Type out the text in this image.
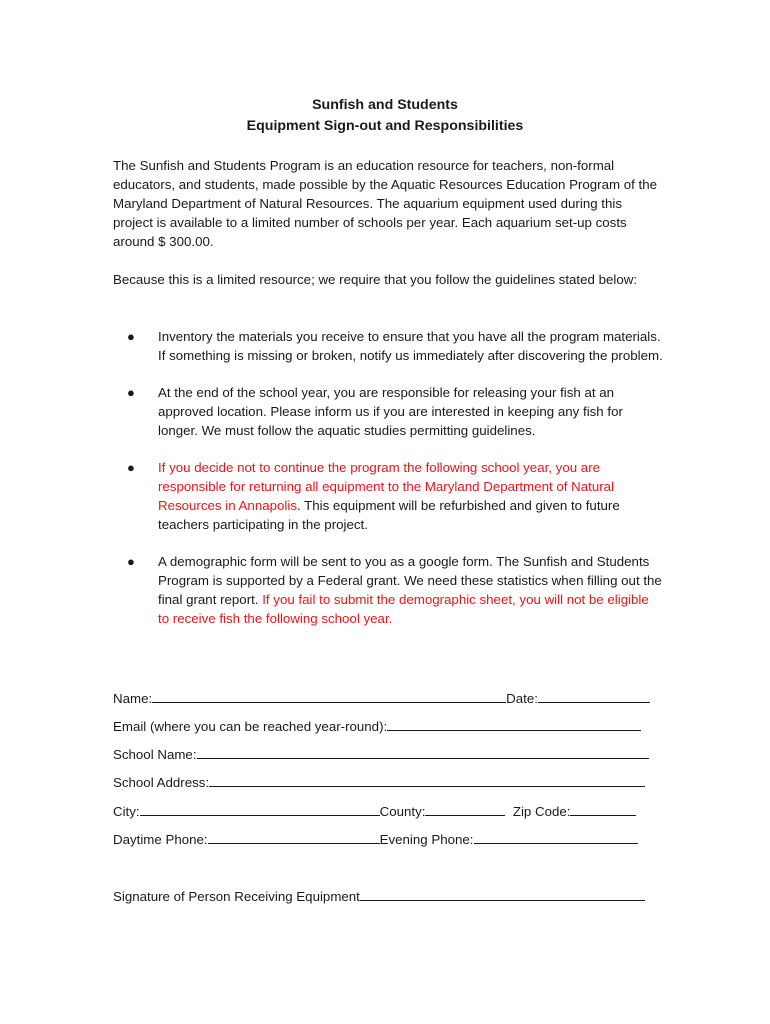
Sunfish and Students
Equipment Sign-out and Responsibilities
The Sunfish and Students Program is an education resource for teachers, non-formal educators, and students, made possible by the Aquatic Resources Education Program of the Maryland Department of Natural Resources. The aquarium equipment used during this project is available to a limited number of schools per year. Each aquarium set-up costs around $ 300.00.
Because this is a limited resource; we require that you follow the guidelines stated below:
● Inventory the materials you receive to ensure that you have all the program materials. If something is missing or broken, notify us immediately after discovering the problem.
● At the end of the school year, you are responsible for releasing your fish at an approved location. Please inform us if you are interested in keeping any fish for longer. We must follow the aquatic studies permitting guidelines.
● If you decide not to continue the program the following school year, you are responsible for returning all equipment to the Maryland Department of Natural Resources in Annapolis. This equipment will be refurbished and given to future teachers participating in the project.
● A demographic form will be sent to you as a google form. The Sunfish and Students Program is supported by a Federal grant. We need these statistics when filling out the final grant report. If you fail to submit the demographic sheet, you will not be eligible to receive fish the following school year.
Name:	Date:
Email (where you can be reached year-round):
School Name:
School Address:
City:	County:	Zip Code:
Daytime Phone:	Evening Phone:
Signature of Person Receiving Equipment
